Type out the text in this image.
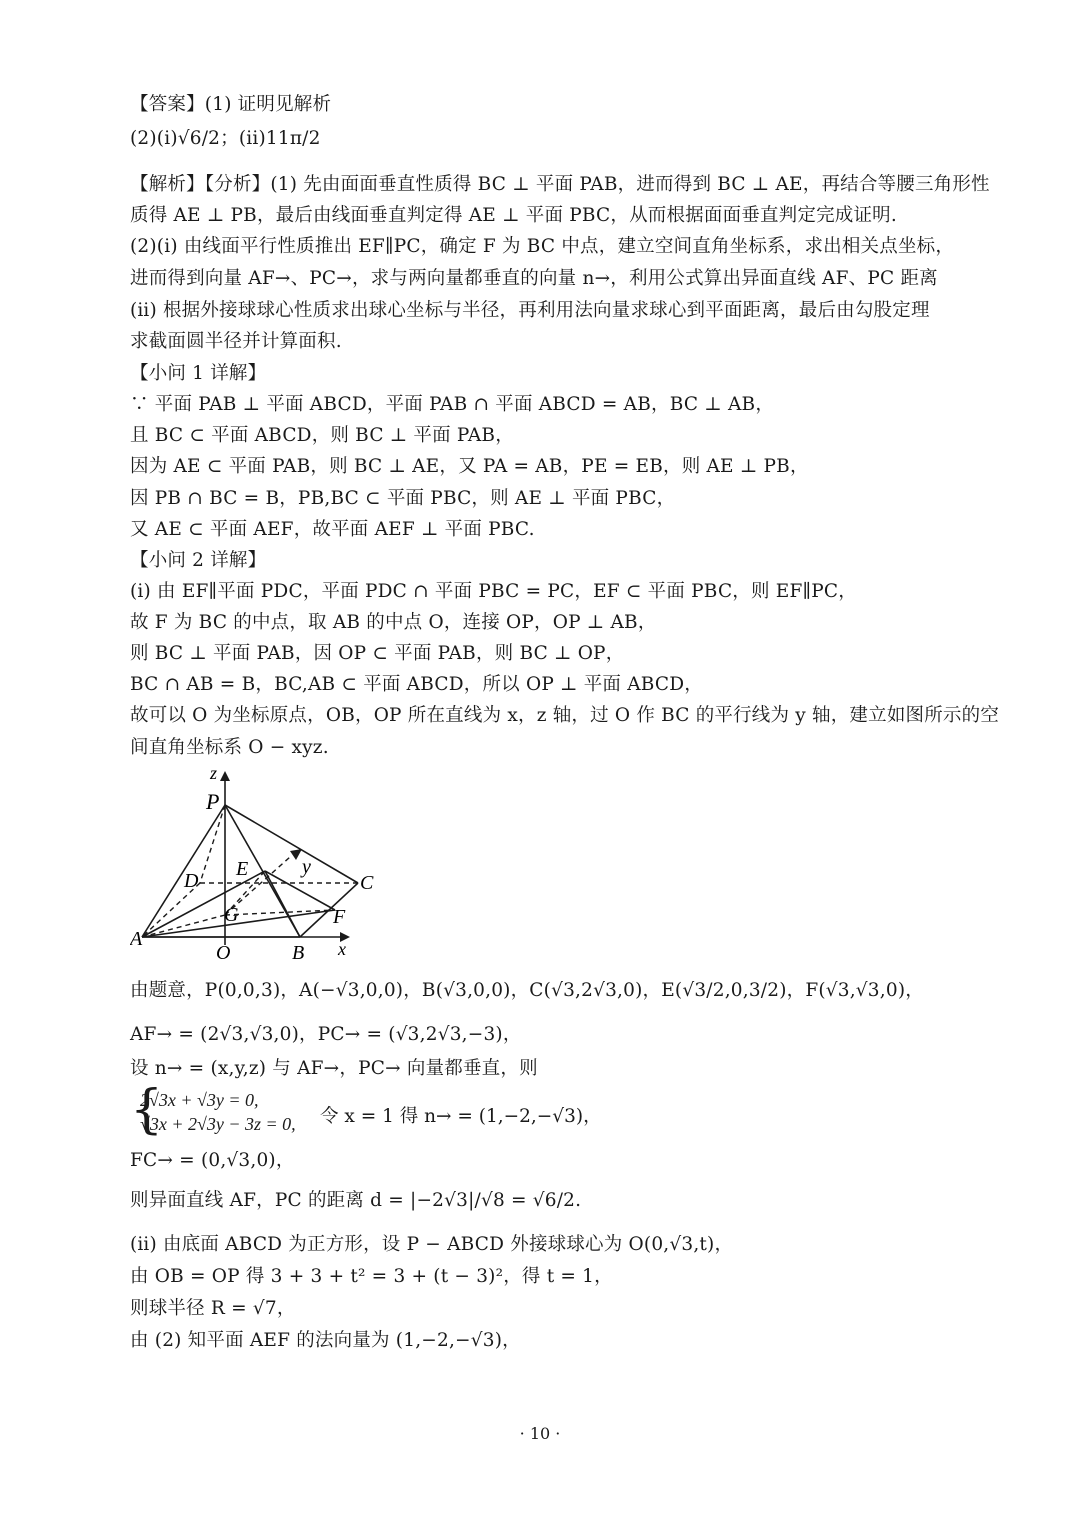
【答案】(1) 证明见解析
(2)(ⅰ)√6/2；(ⅰⅰ)11π/2
【解析】【分析】(1) 先由面面垂直性质得 BC ⊥ 平面 PAB，进而得到 BC ⊥ AE，再结合等腰三角形性
质得 AE ⊥ PB，最后由线面垂直判定得 AE ⊥ 平面 PBC，从而根据面面垂直判定完成证明.
(2)(ⅰ) 由线面平行性质推出 EF∥PC，确定 F 为 BC 中点，建立空间直角坐标系，求出相关点坐标，
进而得到向量 AF→、PC→，求与两向量都垂直的向量 n→，利用公式算出异面直线 AF、PC 距离
(ⅱ) 根据外接球球心性质求出球心坐标与半径，再利用法向量求球心到平面距离，最后由勾股定理
求截面圆半径并计算面积.
【小问 1 详解】
∵ 平面 PAB ⊥ 平面 ABCD，平面 PAB ∩ 平面 ABCD = AB，BC ⊥ AB，
且 BC ⊂ 平面 ABCD，则 BC ⊥ 平面 PAB，
因为 AE ⊂ 平面 PAB，则 BC ⊥ AE，又 PA = AB，PE = EB，则 AE ⊥ PB，
因 PB ∩ BC = B，PB,BC ⊂ 平面 PBC，则 AE ⊥ 平面 PBC，
又 AE ⊂ 平面 AEF，故平面 AEF ⊥ 平面 PBC.
【小问 2 详解】
(ⅰ) 由 EF∥平面 PDC，平面 PDC ∩ 平面 PBC = PC，EF ⊂ 平面 PBC，则 EF∥PC，
故 F 为 BC 的中点，取 AB 的中点 O，连接 OP，OP ⊥ AB，
则 BC ⊥ 平面 PAB，因 OP ⊂ 平面 PAB，则 BC ⊥ OP，
BC ∩ AB = B，BC,AB ⊂ 平面 ABCD，所以 OP ⊥ 平面 ABCD，
故可以 O 为坐标原点，OB，OP 所在直线为 x，z 轴，过 O 作 BC 的平行线为 y 轴，建立如图所示的空
间直角坐标系 O − xyz.
z
P
y
E
D	C
G	F
A
O	B x
由题意，P(0,0,3)，A(−√3,0,0)，B(√3,0,0)，C(√3,2√3,0)，E(√3/2,0,3/2)，F(√3,√3,0)，
AF→ = (2√3,√3,0)，PC→ = (√3,2√3,−3)，
设 n→ = (x,y,z) 与 AF→，PC→ 向量都垂直，则
{
2√3x + √3y = 0,
√3x + 2√3y − 3z = 0, 令 x = 1 得 n→ = (1,−2,−√3)，
FC→ = (0,√3,0)，
则异面直线 AF，PC 的距离 d = |−2√3|/√8 = √6/2.
(ⅱ) 由底面 ABCD 为正方形，设 P − ABCD 外接球球心为 O(0,√3,t)，
由 OB = OP 得 3 + 3 + t² = 3 + (t − 3)²，得 t = 1，
则球半径 R = √7，
由 (2) 知平面 AEF 的法向量为 (1,−2,−√3)，
· 10 ·
